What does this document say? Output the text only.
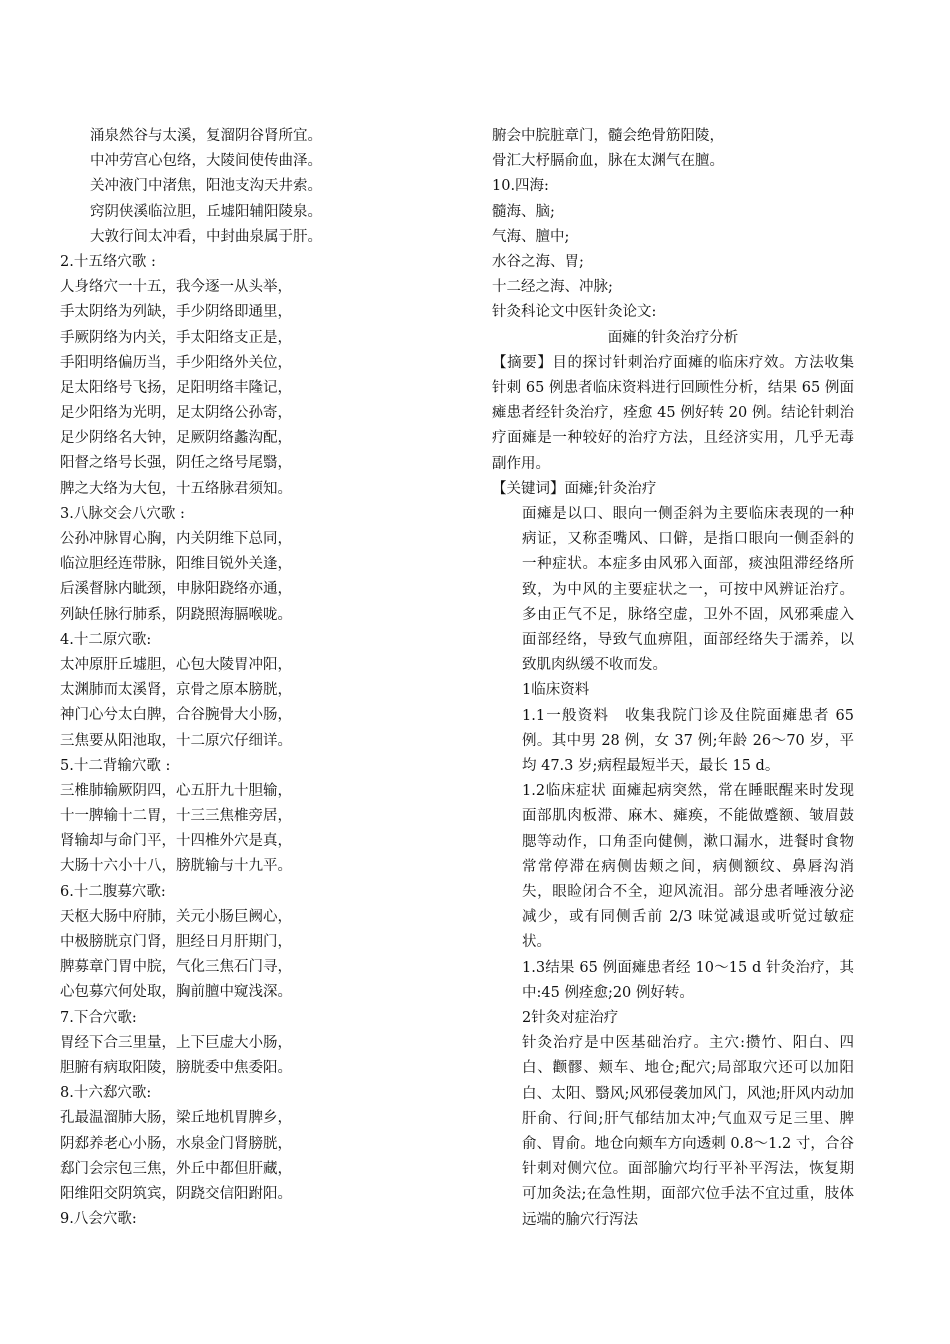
涌泉然谷与太溪，复溜阴谷肾所宜。
中冲劳宫心包络，大陵间使传曲泽。
关冲液门中渚焦，阳池支沟天井索。
窍阴侠溪临泣胆，丘墟阳辅阳陵泉。
大敦行间太冲看，中封曲泉属于肝。
2.十五络穴歌 :
人身络穴一十五，我今逐一从头举，
手太阴络为列缺，手少阴络即通里，
手厥阴络为内关，手太阳络支正是，
手阳明络偏历当，手少阳络外关位，
足太阳络号飞扬，足阳明络丰隆记，
足少阳络为光明，足太阴络公孙寄，
足少阴络名大钟，足厥阴络蠡沟配，
阳督之络号长强，阴任之络号尾翳，
脾之大络为大包，十五络脉君须知。
3.八脉交会八穴歌 :
公孙冲脉胃心胸，内关阴维下总同，
临泣胆经连带脉，阳维目锐外关逢，
后溪督脉内眦颈，申脉阳跷络亦通，
列缺任脉行肺系，阴跷照海膈喉咙。
4.十二原穴歌:
太冲原肝丘墟胆，心包大陵胃冲阳，
太渊肺而太溪肾，京骨之原本膀胱，
神门心兮太白脾，合谷腕骨大小肠，
三焦要从阳池取，十二原穴仔细详。
5.十二背输穴歌 :
三椎肺输厥阴四，心五肝九十胆输，
十一脾输十二胃，十三三焦椎旁居，
肾输却与命门平，十四椎外穴是真，
大肠十六小十八，膀胱输与十九平。
6.十二腹募穴歌:
天枢大肠中府肺，关元小肠巨阙心，
中极膀胱京门肾，胆经日月肝期门，
脾募章门胃中脘，气化三焦石门寻，
心包募穴何处取，胸前膻中窥浅深。
7.下合穴歌:
胃经下合三里量，上下巨虚大小肠，
胆腑有病取阳陵，膀胱委中焦委阳。
8.十六郄穴歌:
孔最温溜肺大肠，梁丘地机胃脾乡，
阴郄养老心小肠，水泉金门肾膀胱，
郄门会宗包三焦，外丘中都但肝藏，
阳维阳交阴筑宾，阴跷交信阳跗阳。
9.八会穴歌:
腑会中脘脏章门，髓会绝骨筋阳陵，
骨汇大杼膈俞血，脉在太渊气在膻。
10.四海:
髓海、脑;
气海、膻中;
水谷之海、胃;
十二经之海、冲脉;
针灸科论文中医针灸论文:
面瘫的针灸治疗分析
【摘要】目的探讨针刺治疗面瘫的临床疗效。方法收集针刺 65 例患者临床资料进行回顾性分析，结果 65 例面瘫患者经针灸治疗，痊愈 45 例好转 20 例。结论针刺治疗面瘫是一种较好的治疗方法，且经济实用，几乎无毒副作用。
【关键词】面瘫;针灸治疗
面瘫是以口、眼向一侧歪斜为主要临床表现的一种病证，又称歪嘴风、口僻，是指口眼向一侧歪斜的一种症状。本症多由风邪入面部，痰浊阻滞经络所致，为中风的主要症状之一，可按中风辨证治疗。多由正气不足，脉络空虚，卫外不固，风邪乘虚入面部经络，导致气血痹阻，面部经络失于濡养，以致肌肉纵缓不收而发。
1临床资料
1.1一般资料　收集我院门诊及住院面瘫患者 65 例。其中男 28 例，女 37 例;年龄 26～70 岁，平均 47.3 岁;病程最短半天，最长 15 d。
1.2临床症状 面瘫起病突然，常在睡眠醒来时发现面部肌肉板滞、麻木、瘫痪，不能做蹙额、皱眉鼓腮等动作，口角歪向健侧，漱口漏水，进餐时食物常常停滞在病侧齿颊之间，病侧额纹、鼻唇沟消失，眼睑闭合不全，迎风流泪。部分患者唾液分泌减少，或有同侧舌前 2/3 味觉减退或听觉过敏症状。
1.3结果 65 例面瘫患者经 10～15 d 针灸治疗，其中:45 例痊愈;20 例好转。
2针灸对症治疗
针灸治疗是中医基础治疗。主穴:攒竹、阳白、四白、颧髎、颊车、地仓;配穴;局部取穴还可以加阳白、太阳、翳风;风邪侵袭加风门，风池;肝风内动加肝俞、行间;肝气郁结加太冲;气血双亏足三里、脾俞、胃俞。地仓向颊车方向透刺 0.8～1.2 寸，合谷针刺对侧穴位。面部腧穴均行平补平泻法，恢复期可加灸法;在急性期，面部穴位手法不宜过重，肢体远端的腧穴行泻法
